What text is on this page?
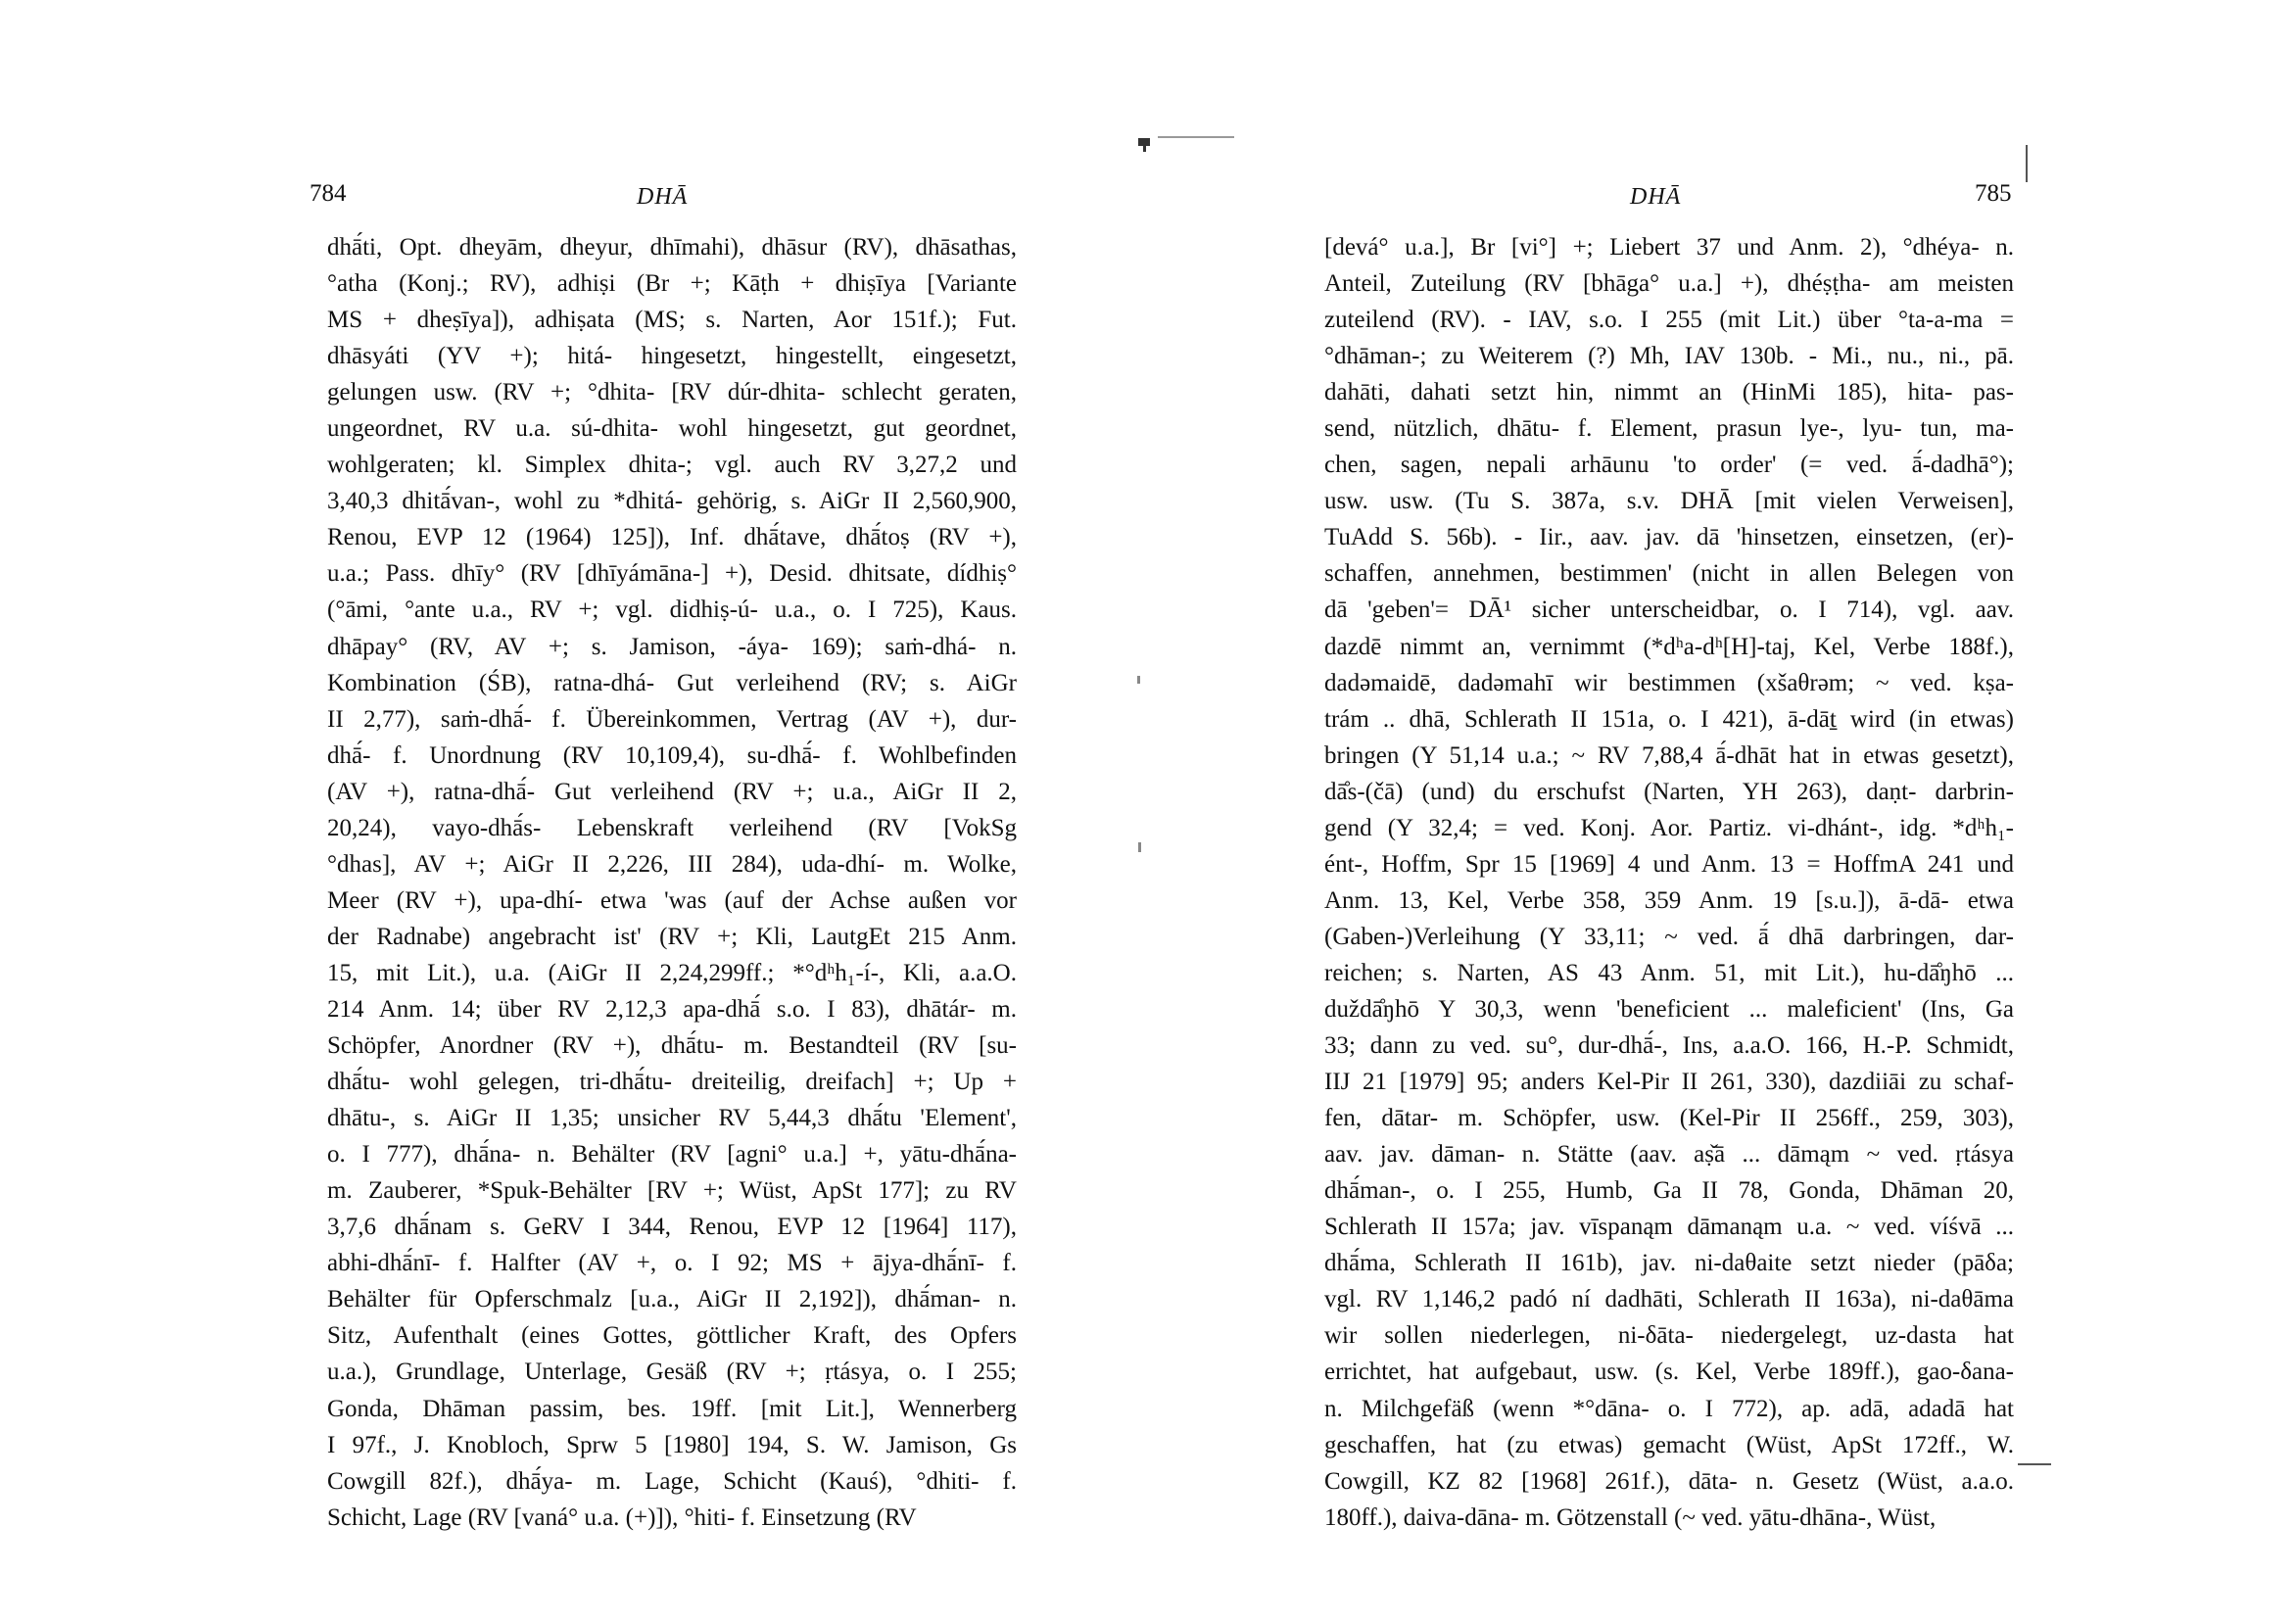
784	DHĀ
dhā́ti, Opt. dheyām, dheyur, dhīmahi), dhāsur (RV), dhāsathas,
°atha (Konj.; RV), adhiṣi (Br +; Kāṭh + dhiṣīya [Variante
MS + dheṣīya]), adhiṣata (MS; s. Narten, Aor 151f.); Fut.
dhāsyáti (YV +); hitá- hingesetzt, hingestellt, eingesetzt,
gelungen usw. (RV +; °dhita- [RV dúr-dhita- schlecht geraten,
ungeordnet, RV u.a. sú-dhita- wohl hingesetzt, gut geordnet,
wohlgeraten; kl. Simplex dhita-; vgl. auch RV 3,27,2 und
3,40,3 dhitā́van-, wohl zu *dhitá- gehörig, s. AiGr II 2,560,900,
Renou, EVP 12 (1964) 125]), Inf. dhā́tave, dhā́toṣ (RV +),
u.a.; Pass. dhīy° (RV [dhīyámāna-] +), Desid. dhitsate, dídhiṣ°
(°āmi, °ante u.a., RV +; vgl. didhiṣ-ú- u.a., o. I 725), Kaus.
dhāpay° (RV, AV +; s. Jamison, -áya- 169); saṁ-dhá- n.
Kombination (ŚB), ratna-dhá- Gut verleihend (RV; s. AiGr
II 2,77), saṁ-dhā́- f. Übereinkommen, Vertrag (AV +), dur-
dhā́- f. Unordnung (RV 10,109,4), su-dhā́- f. Wohlbefinden
(AV +), ratna-dhā́- Gut verleihend (RV +; u.a., AiGr II 2,
20,24), vayo-dhā́s- Lebenskraft verleihend (RV [VokSg
°dhas], AV +; AiGr II 2,226, III 284), uda-dhí- m. Wolke,
Meer (RV +), upa-dhí- etwa 'was (auf der Achse außen vor
der Radnabe) angebracht ist' (RV +; Kli, LautgEt 215 Anm.
15, mit Lit.), u.a. (AiGr II 2,24,299ff.; *°dʰh₁-í-, Kli, a.a.O.
214 Anm. 14; über RV 2,12,3 apa-dhā́ s.o. I 83), dhātár- m.
Schöpfer, Anordner (RV +), dhā́tu- m. Bestandteil (RV [su-
dhā́tu- wohl gelegen, tri-dhā́tu- dreiteilig, dreifach] +; Up +
dhātu-, s. AiGr II 1,35; unsicher RV 5,44,3 dhā́tu 'Element',
o. I 777), dhā́na- n. Behälter (RV [agni° u.a.] +, yātu-dhā́na-
m. Zauberer, *Spuk-Behälter [RV +; Wüst, ApSt 177]; zu RV
3,7,6 dhā́nam s. GeRV I 344, Renou, EVP 12 [1964] 117),
abhi-dhā́nī- f. Halfter (AV +, o. I 92; MS + ājya-dhā́nī- f.
Behälter für Opferschmalz [u.a., AiGr II 2,192]), dhā́man- n.
Sitz, Aufenthalt (eines Gottes, göttlicher Kraft, des Opfers
u.a.), Grundlage, Unterlage, Gesäß (RV +; ṛtásya, o. I 255;
Gonda, Dhāman passim, bes. 19ff. [mit Lit.], Wennerberg
I 97f., J. Knobloch, Sprw 5 [1980] 194, S. W. Jamison, Gs
Cowgill 82f.), dhā́ya- m. Lage, Schicht (Kauś), °dhiti- f.
Schicht, Lage (RV [vaná° u.a. (+)]), °hiti- f. Einsetzung (RV
DHĀ	785
[devá° u.a.], Br [vi°] +; Liebert 37 und Anm. 2), °dhéya- n.
Anteil, Zuteilung (RV [bhāga° u.a.] +), dhéṣṭha- am meisten
zuteilend (RV). - IAV, s.o. I 255 (mit Lit.) über °ta-a-ma =
°dhāman-; zu Weiterem (?) Mh, IAV 130b. - Mi., nu., ni., pā.
dahāti, dahati setzt hin, nimmt an (HinMi 185), hita- pas-
send, nützlich, dhātu- f. Element, prasun lye-, lyu- tun, ma-
chen, sagen, nepali arhāunu 'to order' (= ved. ā́-dadhā°);
usw. usw. (Tu S. 387a, s.v. DHĀ [mit vielen Verweisen],
TuAdd S. 56b). - Iir., aav. jav. dā 'hinsetzen, einsetzen, (er)-
schaffen, annehmen, bestimmen' (nicht in allen Belegen von
dā 'geben'= DĀ¹ sicher unterscheidbar, o. I 714), vgl. aav.
dazdē nimmt an, vernimmt (*dʰa-dʰ[H]-taj, Kel, Verbe 188f.),
dadəmaidē, dadəmahī wir bestimmen (xšaθrəm; ~ ved. kṣa-
trám .. dhā, Schlerath II 151a, o. I 421), ā-dāṯ wird (in etwas)
bringen (Y 51,14 u.a.; ~ RV 7,88,4 ā́-dhāt hat in etwas gesetzt),
dā̊s-(čā) (und) du erschufst (Narten, YH 263), daṇt- darbrin-
gend (Y 32,4; = ved. Konj. Aor. Partiz. vi-dhánt-, idg. *dʰh₁-
ént-, Hoffm, Spr 15 [1969] 4 und Anm. 13 = HoffmA 241 und
Anm. 13, Kel, Verbe 358, 359 Anm. 19 [s.u.]), ā-dā- etwa
(Gaben-)Verleihung (Y 33,11; ~ ved. ā́ dhā darbringen, dar-
reichen; s. Narten, AS 43 Anm. 51, mit Lit.), hu-dā̊ŋhō ...
duždā̊ŋhō Y 30,3, wenn 'beneficient ... maleficient' (Ins, Ga
33; dann zu ved. su°, dur-dhā́-, Ins, a.a.O. 166, H.-P. Schmidt,
IIJ 21 [1979] 95; anders Kel-Pir II 261, 330), dazdiiāi zu schaf-
fen, dātar- m. Schöpfer, usw. (Kel-Pir II 256ff., 259, 303),
aav. jav. dāman- n. Stätte (aav. aṣ̌ā ... dāmąm ~ ved. ṛtásya
dhā́man-, o. I 255, Humb, Ga II 78, Gonda, Dhāman 20,
Schlerath II 157a; jav. vīspanąm dāmanąm u.a. ~ ved. víśvā ...
dhā́ma, Schlerath II 161b), jav. ni-daθaite setzt nieder (pāδa;
vgl. RV 1,146,2 padó ní dadhāti, Schlerath II 163a), ni-daθāma
wir sollen niederlegen, ni-δāta- niedergelegt, uz-dasta hat
errichtet, hat aufgebaut, usw. (s. Kel, Verbe 189ff.), gao-δana-
n. Milchgefäß (wenn *°dāna- o. I 772), ap. adā, adadā hat
geschaffen, hat (zu etwas) gemacht (Wüst, ApSt 172ff., W.
Cowgill, KZ 82 [1968] 261f.), dāta- n. Gesetz (Wüst, a.a.o.
180ff.), daiva-dāna- m. Götzenstall (~ ved. yātu-dhāna-, Wüst,
